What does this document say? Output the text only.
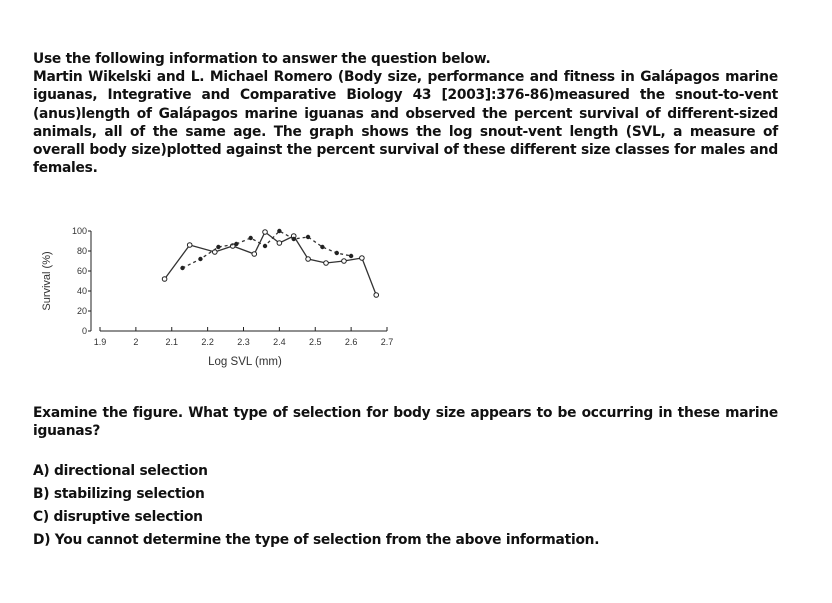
Use the following information to answer the question below.
Martin Wikelski and L. Michael Romero (Body size, performance and fitness in Galápagos marine iguanas, Integrative and Comparative Biology 43 [2003]:376-86)measured the snout-to-vent (anus)length of Galápagos marine iguanas and observed the percent survival of different-sized animals, all of the same age. The graph shows the log snout-vent length (SVL, a measure of overall body size)plotted against the percent survival of these different size classes for males and females.
0
20
40
60
80
100
1.9	2	2.1	2.2	2.3	2.4	2.5	2.6	2.7
Log SVL (mm)
Survival (%)
Examine the figure. What type of selection for body size appears to be occurring in these marine iguanas?
A) directional selection
B) stabilizing selection
C) disruptive selection
D) You cannot determine the type of selection from the above information.
